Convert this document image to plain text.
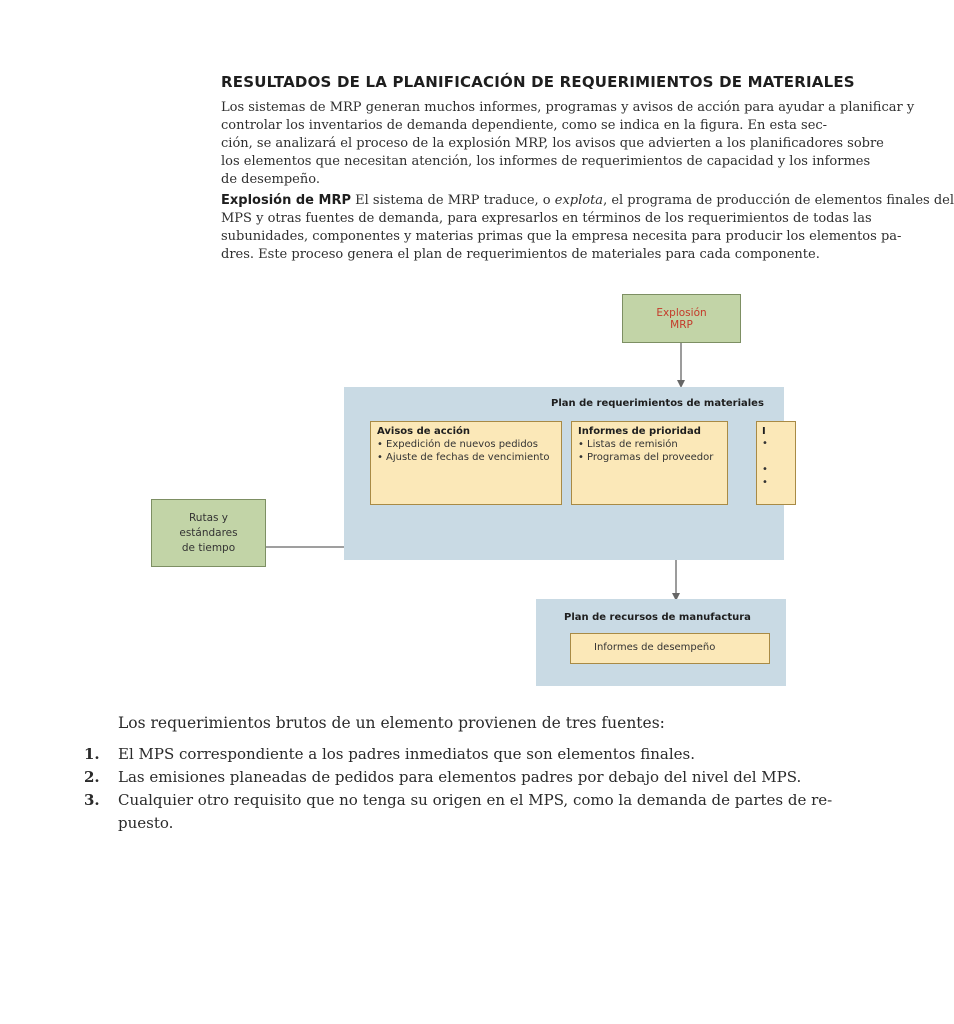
RESULTADOS DE LA PLANIFICACIÓN DE REQUERIMIENTOS DE MATERIALES
Los sistemas de MRP generan muchos informes, programas y avisos de acción para ayudar a planificar y
controlar los inventarios de demanda dependiente, como se indica en la figura. En esta sec-
ción, se analizará el proceso de la explosión MRP, los avisos que advierten a los planificadores sobre
los elementos que necesitan atención, los informes de requerimientos de capacidad y los informes
de desempeño.
Explosión de MRP El sistema de MRP traduce, o explota, el programa de producción de elementos finales del
MPS y otras fuentes de demanda, para expresarlos en términos de los requerimientos de todas las
subunidades, componentes y materias primas que la empresa necesita para producir los elementos pa-
dres. Este proceso genera el plan de requerimientos de materiales para cada componente.
Explosión
MRP
Plan de requerimientos de materiales
Avisos de acción
• Expedición de nuevos pedidos
• Ajuste de fechas de vencimiento
Informes de prioridad
• Listas de remisión
• Programas del proveedor
I
•

•
•
Rutas y
estándares
de tiempo
Plan de recursos de manufactura
Informes de desempeño
Los requerimientos brutos de un elemento provienen de tres fuentes:
1. El MPS correspondiente a los padres inmediatos que son elementos finales.
2. Las emisiones planeadas de pedidos para elementos padres por debajo del nivel del MPS.
3. Cualquier otro requisito que no tenga su origen en el MPS, como la demanda de partes de re-
puesto.
